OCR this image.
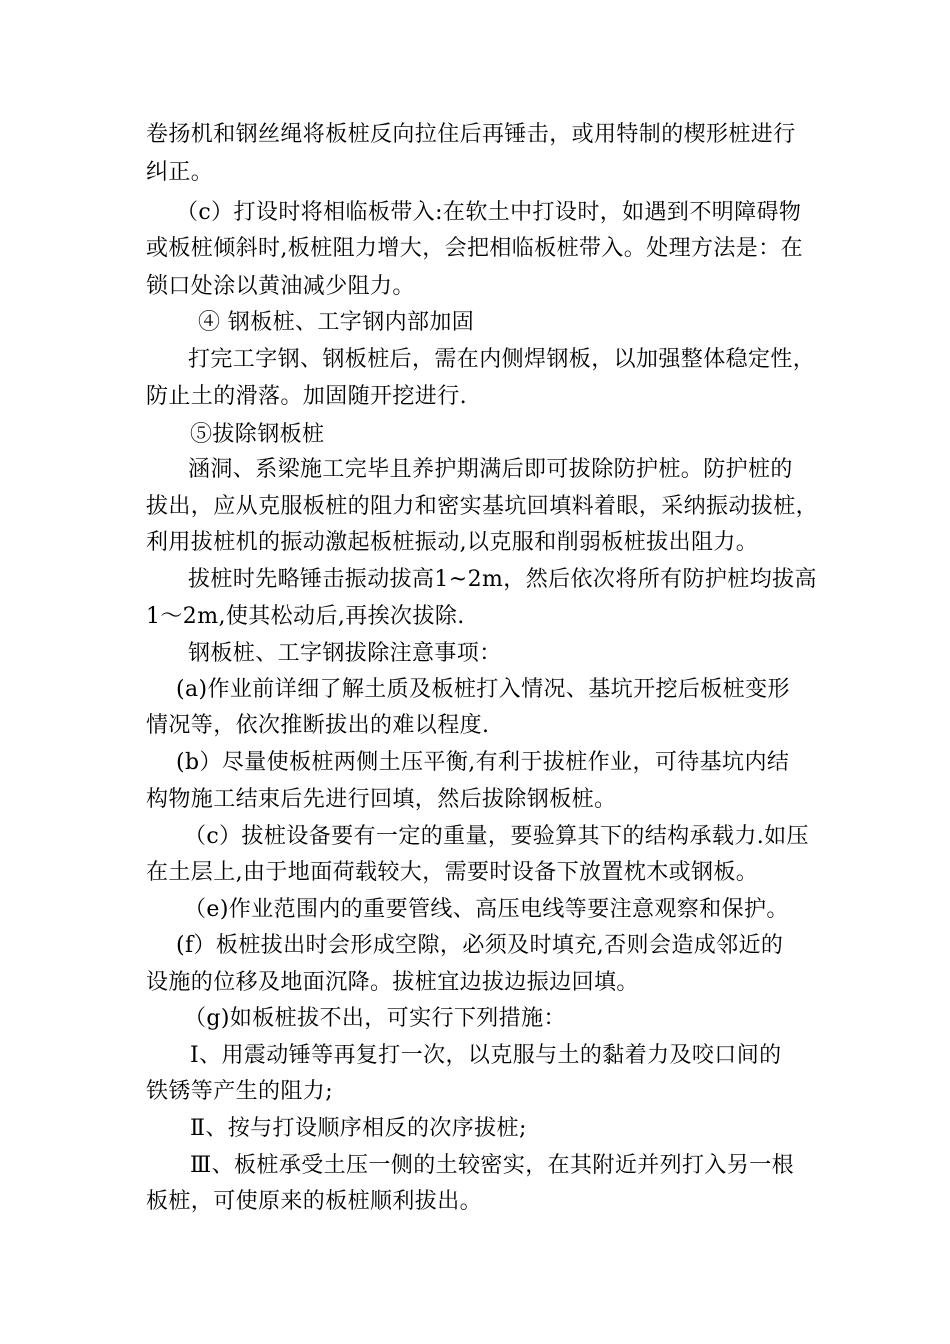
卷扬机和钢丝绳将板桩反向拉住后再锤击，或用特制的楔形桩进行
纠正。
（c）打设时将相临板带入:在软土中打设时，如遇到不明障碍物
或板桩倾斜时,板桩阻力增大，会把相临板桩带入。处理方法是：在
锁口处涂以黄油减少阻力。
④ 钢板桩、工字钢内部加固
打完工字钢、钢板桩后，需在内侧焊钢板，以加强整体稳定性，
防止土的滑落。加固随开挖进行.
⑤拔除钢板桩
涵洞、系梁施工完毕且养护期满后即可拔除防护桩。防护桩的
拔出，应从克服板桩的阻力和密实基坑回填料着眼，采纳振动拔桩，
利用拔桩机的振动激起板桩振动,以克服和削弱板桩拔出阻力。
拔桩时先略锤击振动拔高1~2m，然后依次将所有防护桩均拔高
1～2m,使其松动后,再挨次拔除.
钢板桩、工字钢拔除注意事项：
(a)作业前详细了解土质及板桩打入情况、基坑开挖后板桩变形
情况等，依次推断拔出的难以程度.
(b）尽量使板桩两侧土压平衡,有利于拔桩作业，可待基坑内结
构物施工结束后先进行回填，然后拔除钢板桩。
（c）拔桩设备要有一定的重量，要验算其下的结构承载力.如压
在土层上,由于地面荷载较大，需要时设备下放置枕木或钢板。
（e)作业范围内的重要管线、高压电线等要注意观察和保护。
(f）板桩拔出时会形成空隙，必须及时填充,否则会造成邻近的
设施的位移及地面沉降。拔桩宜边拔边振边回填。
（g)如板桩拔不出，可实行下列措施：
Ⅰ、用震动锤等再复打一次，以克服与土的黏着力及咬口间的
铁锈等产生的阻力;
Ⅱ、按与打设顺序相反的次序拔桩;
Ⅲ、板桩承受土压一侧的土较密实，在其附近并列打入另一根
板桩，可使原来的板桩顺利拔出。
